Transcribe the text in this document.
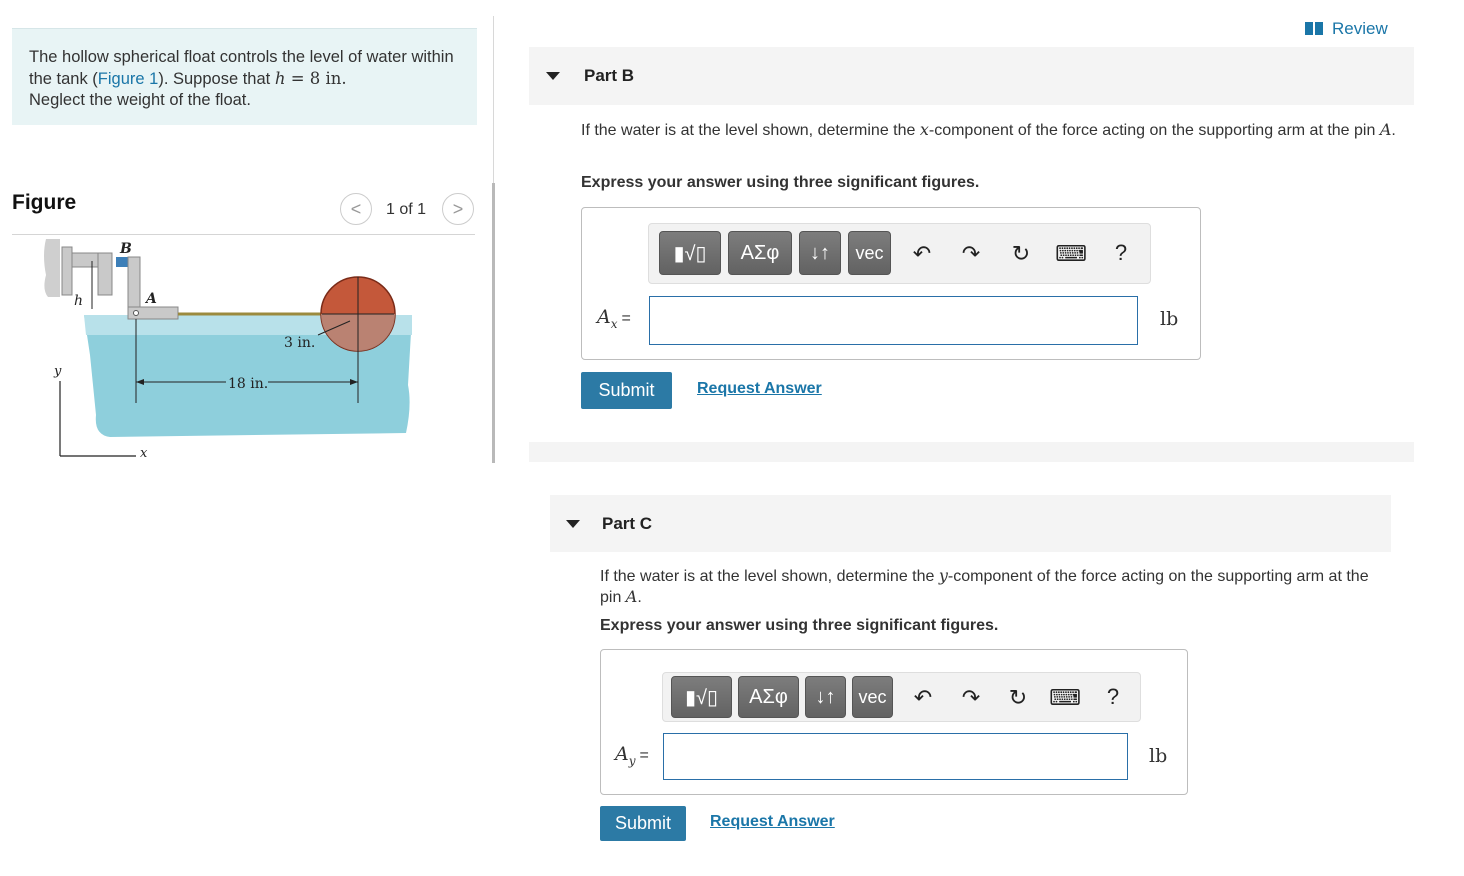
The hollow spherical float controls the level of water within the tank (Figure 1). Suppose that h = 8 in.
Neglect the weight of the float.
Figure	< 1 of 1 >
h
B
A
3 in.
18 in.
y
x
Review
Part B
If the water is at the level shown, determine the x-component of the force acting on the supporting arm at the pin A.
Express your answer using three significant figures.
▮√▯ ΑΣφ ↓↑ vec ↶ ↷ ↻ ⌨	?
$A_x$ =	lb
Submit	Request Answer
Part C
If the water is at the level shown, determine the y-component of the force acting on the supporting arm at the pin A.
Express your answer using three significant figures.
▮√▯ ΑΣφ ↓↑ vec ↶ ↷ ↻ ⌨	?
$A_y$ =	lb
Submit	Request Answer
